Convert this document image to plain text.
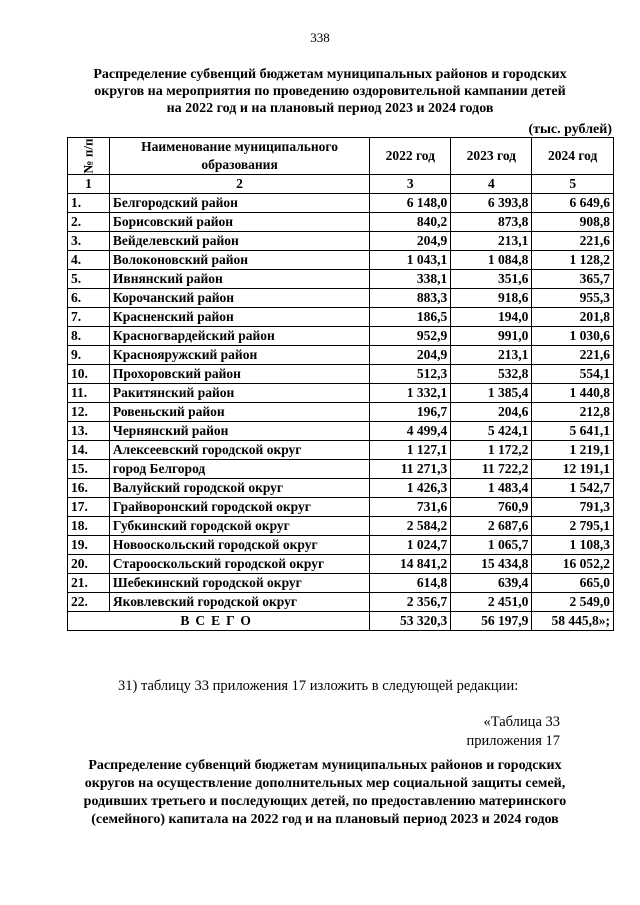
338
Распределение субвенций бюджетам муниципальных районов и городских
округов на мероприятия по проведению оздоровительной кампании детей
на 2022 год и на плановый период 2023 и 2024 годов
(тыс. рублей)
№ п/п	Наименование муниципального образования	2022 год	2023 год	2024 год
1	2	3	4	5
1.	Белгородский район	6 148,0	6 393,8	6 649,6
2.	Борисовский район	840,2	873,8	908,8
3.	Вейделевский район	204,9	213,1	221,6
4.	Волоконовский район	1 043,1	1 084,8	1 128,2
5.	Ивнянский район	338,1	351,6	365,7
6.	Корочанский район	883,3	918,6	955,3
7.	Красненский район	186,5	194,0	201,8
8.	Красногвардейский район	952,9	991,0	1 030,6
9.	Краснояружский район	204,9	213,1	221,6
10.	Прохоровский район	512,3	532,8	554,1
11.	Ракитянский район	1 332,1	1 385,4	1 440,8
12.	Ровеньский район	196,7	204,6	212,8
13.	Чернянский район	4 499,4	5 424,1	5 641,1
14.	Алексеевский городской округ	1 127,1	1 172,2	1 219,1
15.	город Белгород	11 271,3	11 722,2	12 191,1
16.	Валуйский городской округ	1 426,3	1 483,4	1 542,7
17.	Грайворонский городской округ	731,6	760,9	791,3
18.	Губкинский городской округ	2 584,2	2 687,6	2 795,1
19.	Новооскольский городской округ	1 024,7	1 065,7	1 108,3
20.	Старооскольский городской округ	14 841,2	15 434,8	16 052,2
21.	Шебекинский городской округ	614,8	639,4	665,0
22.	Яковлевский городской округ	2 356,7	2 451,0	2 549,0
ВСЕГО		53 320,3	56 197,9	58 445,8»;
31) таблицу 33 приложения 17 изложить в следующей редакции:
«Таблица 33
приложения 17
Распределение субвенций бюджетам муниципальных районов и городских
округов на осуществление дополнительных мер социальной защиты семей,
родивших третьего и последующих детей, по предоставлению материнского
(семейного) капитала на 2022 год и на плановый период 2023 и 2024 годов
